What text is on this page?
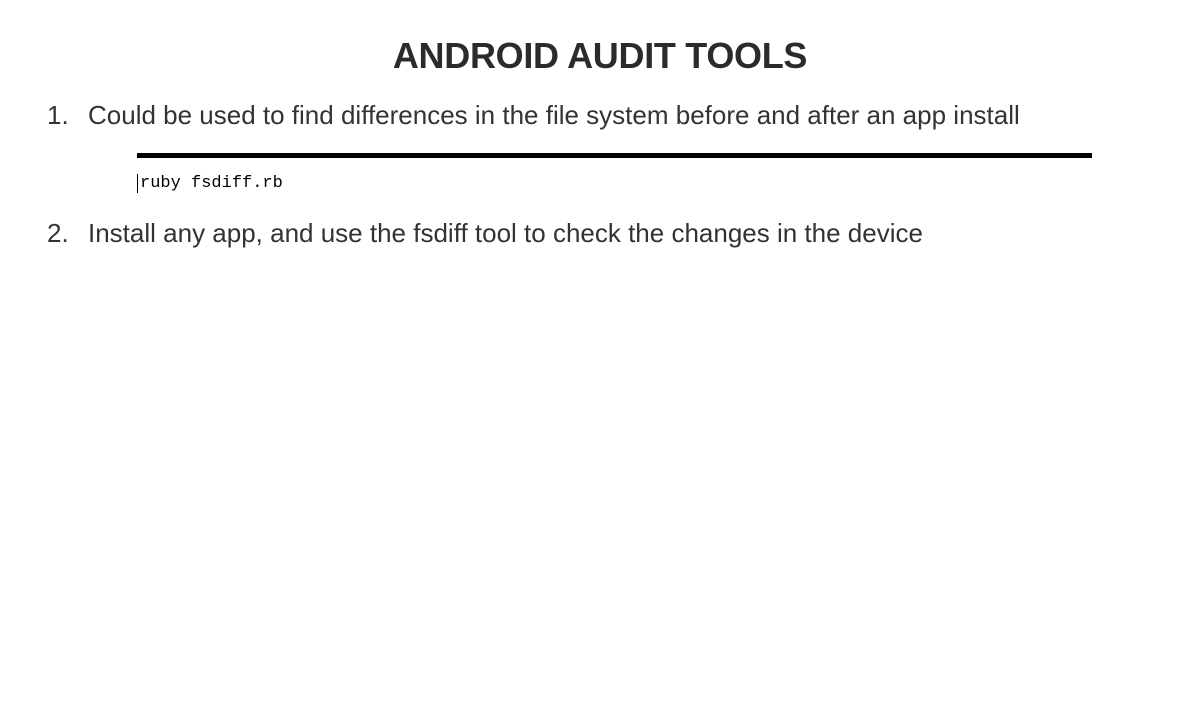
ANDROID AUDIT TOOLS
1. Could be used to find differences in the file system before and after an app install
ruby fsdiff.rb
2. Install any app, and use the fsdiff tool to check the changes in the device
